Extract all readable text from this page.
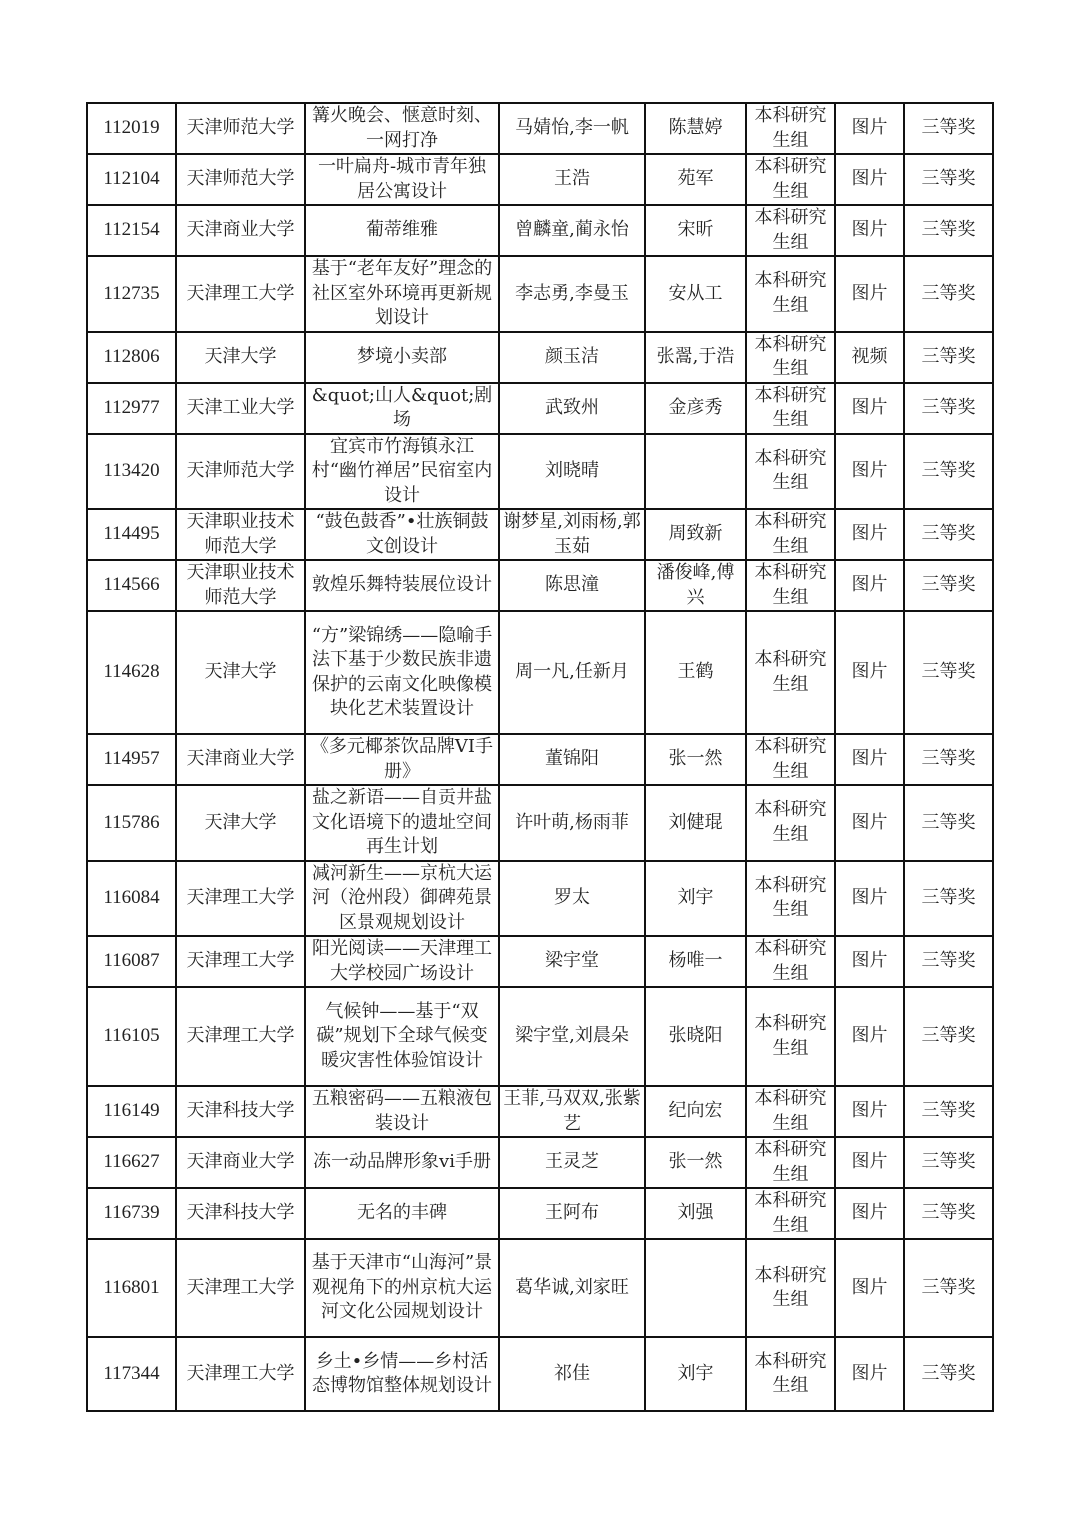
112019	天津师范大学	篝火晚会、惬意时刻、一网打净	马婧怡,李一帆	陈慧婷	本科研究生组	图片	三等奖
112104	天津师范大学	一叶扁舟-城市青年独居公寓设计	王浩	苑军	本科研究生组	图片	三等奖
112154	天津商业大学	葡蒂维雅	曾麟童,蔺永怡	宋昕	本科研究生组	图片	三等奖
112735	天津理工大学	基于“老年友好”理念的社区室外环境再更新规划设计	李志勇,李曼玉	安从工	本科研究生组	图片	三等奖
112806	天津大学	梦境小卖部	颜玉洁	张翯,于浩	本科研究生组	视频	三等奖
112977	天津工业大学	&quot;山人&quot;剧场	武致州	金彦秀	本科研究生组	图片	三等奖
113420	天津师范大学	宜宾市竹海镇永江村“幽竹禅居”民宿室内设计	刘晓晴		本科研究生组	图片	三等奖
114495	天津职业技术师范大学	“鼓色鼓香”•壮族铜鼓文创设计	谢梦星,刘雨杨,郭玉茹	周致新	本科研究生组	图片	三等奖
114566	天津职业技术师范大学	敦煌乐舞特装展位设计	陈思潼	潘俊峰,傅兴	本科研究生组	图片	三等奖
114628	天津大学	“方”梁锦绣——隐喻手法下基于少数民族非遗保护的云南文化映像模块化艺术装置设计	周一凡,任新月	王鹤	本科研究生组	图片	三等奖
114957	天津商业大学	《多元椰茶饮品牌VI手册》	董锦阳	张一然	本科研究生组	图片	三等奖
115786	天津大学	盐之新语——自贡井盐文化语境下的遗址空间再生计划	许叶萌,杨雨菲	刘健琨	本科研究生组	图片	三等奖
116084	天津理工大学	减河新生——京杭大运河（沧州段）御碑苑景区景观规划设计	罗太	刘宇	本科研究生组	图片	三等奖
116087	天津理工大学	阳光阅读——天津理工大学校园广场设计	梁宇堂	杨唯一	本科研究生组	图片	三等奖
116105	天津理工大学	气候钟——基于“双碳”规划下全球气候变暖灾害性体验馆设计	梁宇堂,刘晨朵	张晓阳	本科研究生组	图片	三等奖
116149	天津科技大学	五粮密码——五粮液包装设计	王菲,马双双,张紫艺	纪向宏	本科研究生组	图片	三等奖
116627	天津商业大学	冻一动品牌形象vi手册	王灵芝	张一然	本科研究生组	图片	三等奖
116739	天津科技大学	无名的丰碑	王阿布	刘强	本科研究生组	图片	三等奖
116801	天津理工大学	基于天津市“山海河”景观视角下的州京杭大运河文化公园规划设计	葛华诚,刘家旺		本科研究生组	图片	三等奖
117344	天津理工大学	乡土•乡情——乡村活态博物馆整体规划设计	祁佳	刘宇	本科研究生组	图片	三等奖
